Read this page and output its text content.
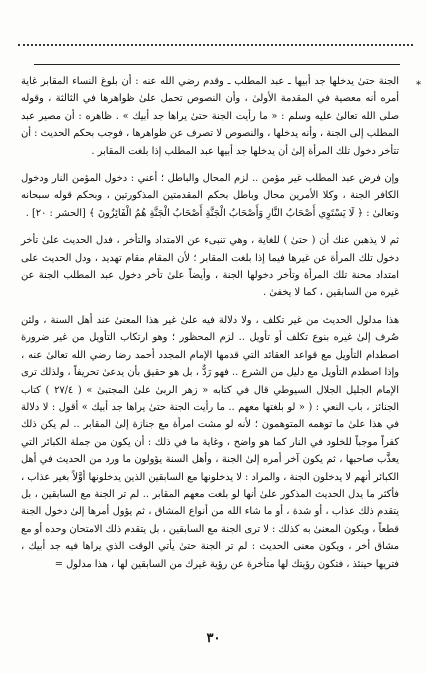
*

الجنة حتىٰ يدخلها جد أبيها ـ عبد المطلب ـ وقدم رضي الله عنه : أن بلوغ النساء المقابر غاية أمره أنه معصية في المقدمة الأولىٰ ، وأن النصوص تحمل علىٰ ظواهرها في الثالثة ، وقوله صلى الله تعالىٰ عليه وسلم : « ما رأيت الجنة حتىٰ يراها جد أبيك » . ظاهره : أن مصير عبد المطلب إلى الجنة ، وأنه يدخلها ، والنصوص لا تصرف عن ظواهرها ، فوجب بحكم الحديث : أن تتأخر دخول تلك المرأة إلىٰ أن يدخلها جد أبيها عبد المطلب إذا بلغت المقابر .

وإن فرض عبد المطلب غير مؤمن .. لزم المحال والباطل ؛ أعني : دخول المؤمن النار ودخول الكافر الجنة ، وكلا الأمرين محال وباطل بحكم المقدمتين المذكورتين ، وبحكم قوله سبحانه وتعالىٰ : ﴿ لَا يَسْتَوِي أَصْحَابُ النَّارِ وَأَصْحَابُ الْجَنَّةِ أَصْحَابُ الْجَنَّةِ هُمُ الْفَائِزُونَ ﴾ [الحشر : ٢٠] .

ثم لا يذهبن عنك أن ( حتىٰ ) للغاية ، وهي تنبىء عن الامتداد والتأخر ، فدل الحديث علىٰ تأخر دخول تلك المرأة عن غيرها فيما إذا بلغت المقابر ؛ لأن المقام مقام تهديد ، ودل الحديث على امتداد محنة تلك المرأة وتأخر دخولها الجنة ، وأيضاً علىٰ تأخر دخول عبد المطلب الجنة عن غيره من السابقين ، كما لا يخفىٰ .

هذا مدلول الحديث من غير تكلف ، ولا دلالة فيه علىٰ غير هذا المعنىٰ عند أهل السنة ، ولئن صُرف إلىٰ غيره بنوع تكلف أو تأويل .. لزم المحظور ؛ وهو ارتكاب التأويل من غير ضرورة اصطدام التأويل مع قواعد العقائد التي قدمها الإمام المجدد أحمد رضا رضي الله تعالىٰ عنه ، وإذا اصطدم التأويل مع دليل من الشرع .. فهو رَدٌّ ، بل هو حقيق بأن يدعىٰ تحريفاً ، ولذلك ترى الإمام الجليل الجلال السيوطي قال في كتابه « زهر الربىٰ علىٰ المجتبىٰ » ( ٢٧/٤ ) كتاب الجنائز ، باب النعي : ( « لو بلغتها معهم .. ما رأيت الجنة حتىٰ يراها جد أبيك » أقول : لا دلالة في هذا علىٰ ما توهمه المتوهمون ؛ لأنه لو مشت امرأة مع جنازة إلىٰ المقابر .. لم يكن ذلك كفراً موجباً للخلود في النار كما هو واضح ، وغاية ما في ذلك : أن يكون من جملة الكبائر التي يعذَّب صاحبها ، ثم يكون آخر أمره إلىٰ الجنة ، وأهل السنة يؤولون ما ورد من الحديث في أهل الكبائر أنهم لا يدخلون الجنة ، والمراد : لا يدخلونها مع السابقين الذين يدخلونها أوَّلاً بغير عذاب ، فأكثر ما يدل الحديث المذكور علىٰ أنها لو بلغت معهم المقابر .. لم تر الجنة مع السابقين ، بل يتقدم ذلك عذاب ، أو شدة ، أو ما شاء الله من أنواع المشاق ، ثم يؤول أمرها إلىٰ دخول الجنة قطعاً ، ويكون المعنىٰ به كذلك : لا ترى الجنة مع السابقين ، بل يتقدم ذلك الامتحان وحده أو مع مشاق أخر ، ويكون معنى الحديث : لم تر الجنة حتىٰ يأتي الوقت الذي يراها فيه جد أبيك ، فتريها حينئذ ، فتكون رؤيتك لها متأخرة عن رؤية غيرك من السابقين لها ، هذا مدلول =

٣٠
